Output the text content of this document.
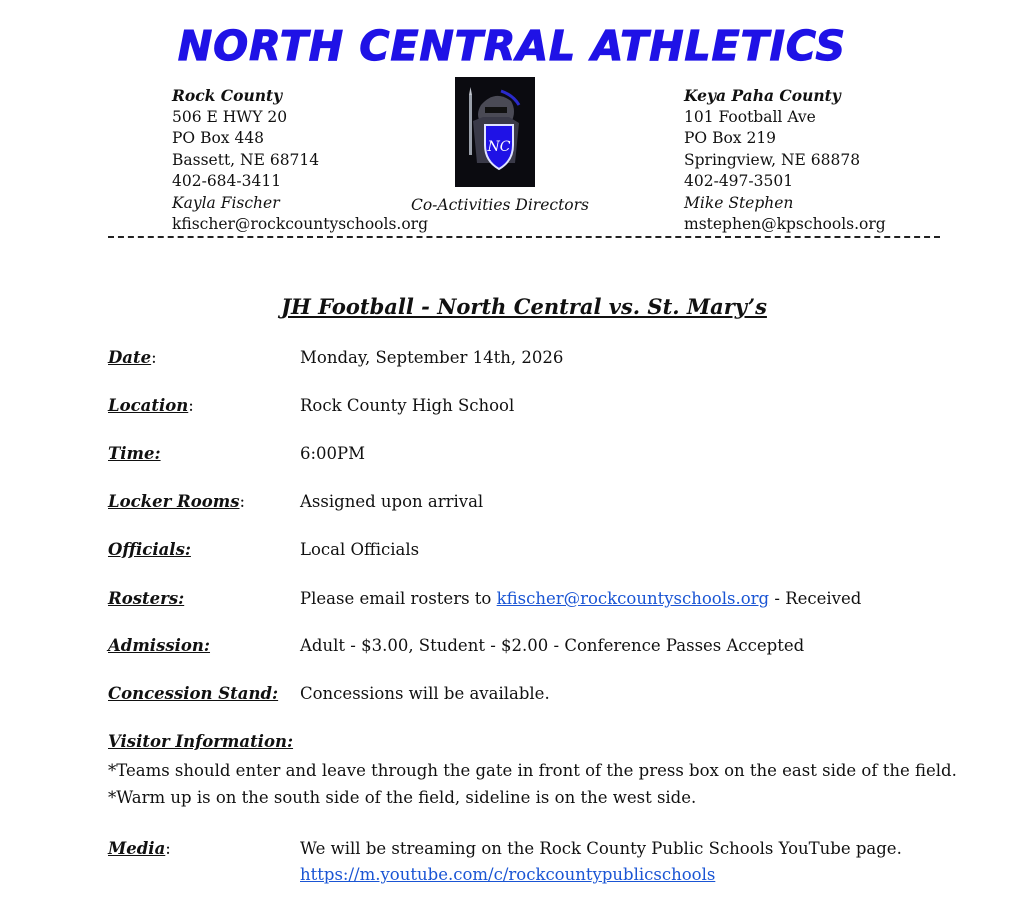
NORTH CENTRAL ATHLETICS
Rock County
506 E HWY 20
PO Box 448
Bassett, NE 68714
402-684-3411
Kayla Fischer
kfischer@rockcountyschools.org
NC
Co-Activities Directors
Keya Paha County
101 Football Ave
PO Box 219
Springview, NE 68878
402-497-3501
Mike Stephen
mstephen@kpschools.org
JH Football - North Central vs. St. Mary’s
Date:	Monday, September 14th, 2026
Location:	Rock County High School
Time:	6:00PM
Locker Rooms:	Assigned upon arrival
Officials:	Local Officials
Rosters:	Please email rosters to kfischer@rockcountyschools.org - Received
Admission:	Adult - $3.00, Student - $2.00 - Conference Passes Accepted
Concession Stand: Concessions will be available.
Visitor Information:
*Teams should enter and leave through the gate in front of the press box on the east side of the field.
*Warm up is on the south side of the field, sideline is on the west side.
Media:	We will be streaming on the Rock County Public Schools YouTube page.
https://m.youtube.com/c/rockcountypublicschools
